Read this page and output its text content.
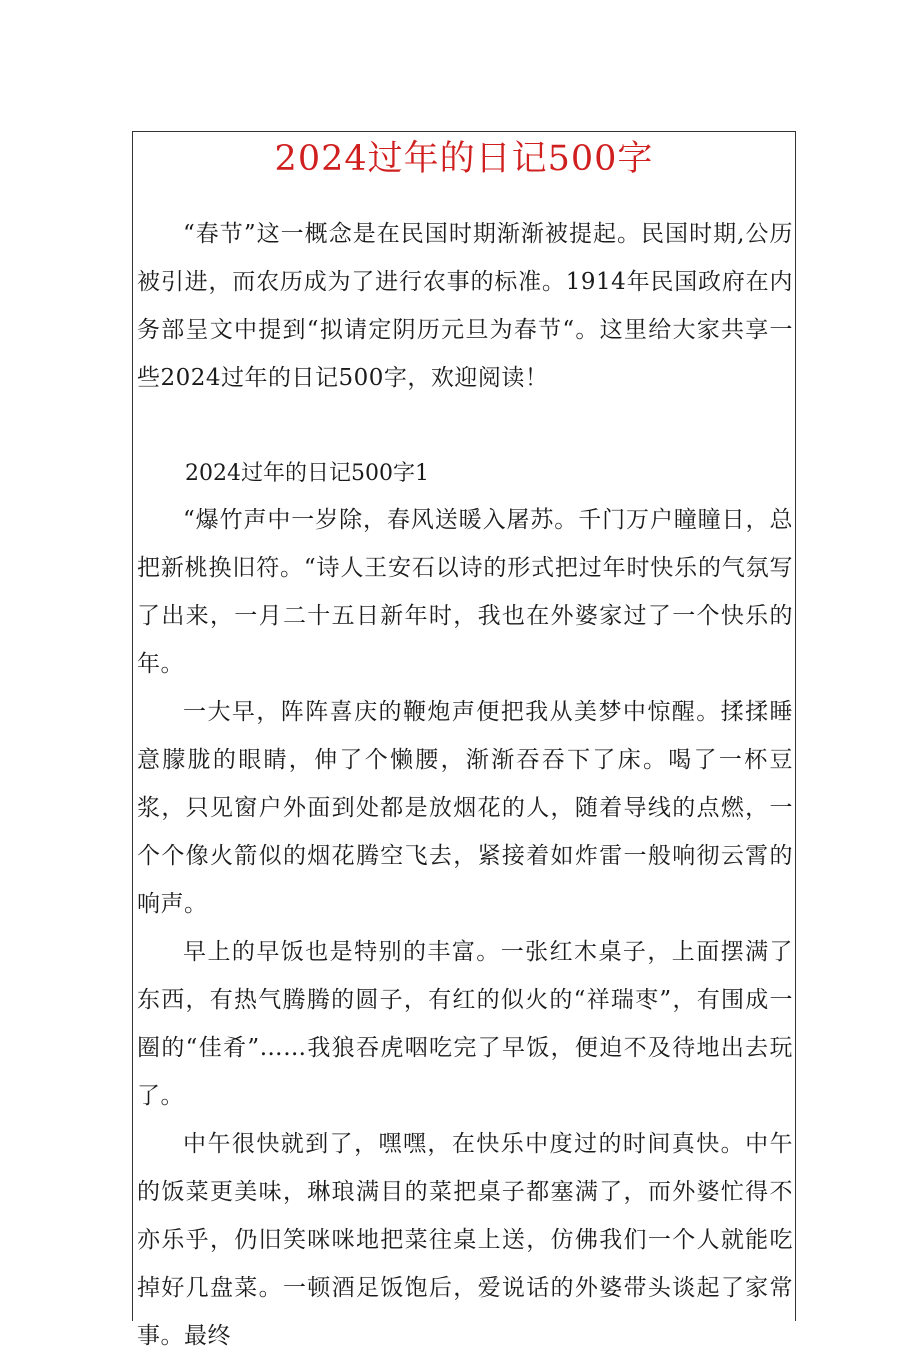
2024过年的日记500字

“春节”这一概念是在民国时期渐渐被提起。民国时期,公历被引进，而农历成为了进行农事的标准。1914年民国政府在内务部呈文中提到“拟请定阴历元旦为春节“。这里给大家共享一些2024过年的日记500字，欢迎阅读！

2024过年的日记500字1

“爆竹声中一岁除，春风送暖入屠苏。千门万户瞳瞳日，总把新桃换旧符。“诗人王安石以诗的形式把过年时快乐的气氛写了出来，一月二十五日新年时，我也在外婆家过了一个快乐的年。

一大早，阵阵喜庆的鞭炮声便把我从美梦中惊醒。揉揉睡意朦胧的眼睛，伸了个懒腰，渐渐吞吞下了床。喝了一杯豆浆，只见窗户外面到处都是放烟花的人，随着导线的点燃，一个个像火箭似的烟花腾空飞去，紧接着如炸雷一般响彻云霄的响声。

早上的早饭也是特别的丰富。一张红木桌子，上面摆满了东西，有热气腾腾的圆子，有红的似火的“祥瑞枣”，有围成一圈的“佳肴”……我狼吞虎咽吃完了早饭，便迫不及待地出去玩了。

中午很快就到了，嘿嘿，在快乐中度过的时间真快。中午的饭菜更美味，琳琅满目的菜把桌子都塞满了，而外婆忙得不亦乐乎，仍旧笑咪咪地把菜往桌上送，仿佛我们一个人就能吃掉好几盘菜。一顿酒足饭饱后，爱说话的外婆带头谈起了家常事。最终
